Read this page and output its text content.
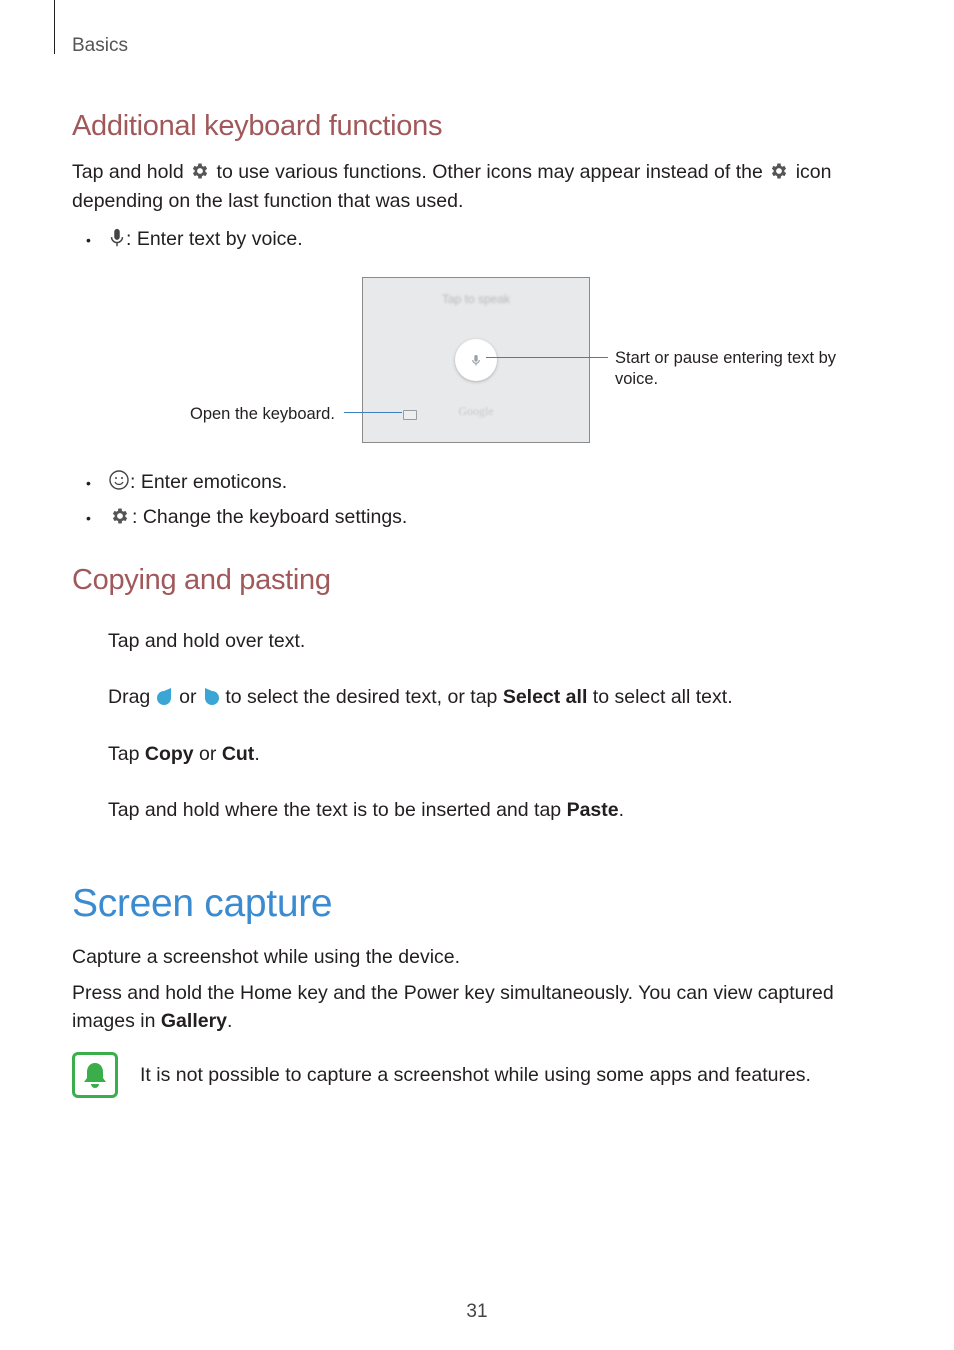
Basics
Additional keyboard functions
Tap and hold to use various functions. Other icons may appear instead of the icon
depending on the last function that was used.
•	: Enter text by voice.
Tap to speak
Google
Start or pause entering text by
voice.
Open the keyboard.
•	: Enter emoticons.
•	: Change the keyboard settings.
Copying and pasting
Tap and hold over text.
Drag or to select the desired text, or tap Select all to select all text.
Tap Copy or Cut.
Tap and hold where the text is to be inserted and tap Paste.
Screen capture
Capture a screenshot while using the device.
Press and hold the Home key and the Power key simultaneously. You can view captured
images in Gallery.
It is not possible to capture a screenshot while using some apps and features.
31
